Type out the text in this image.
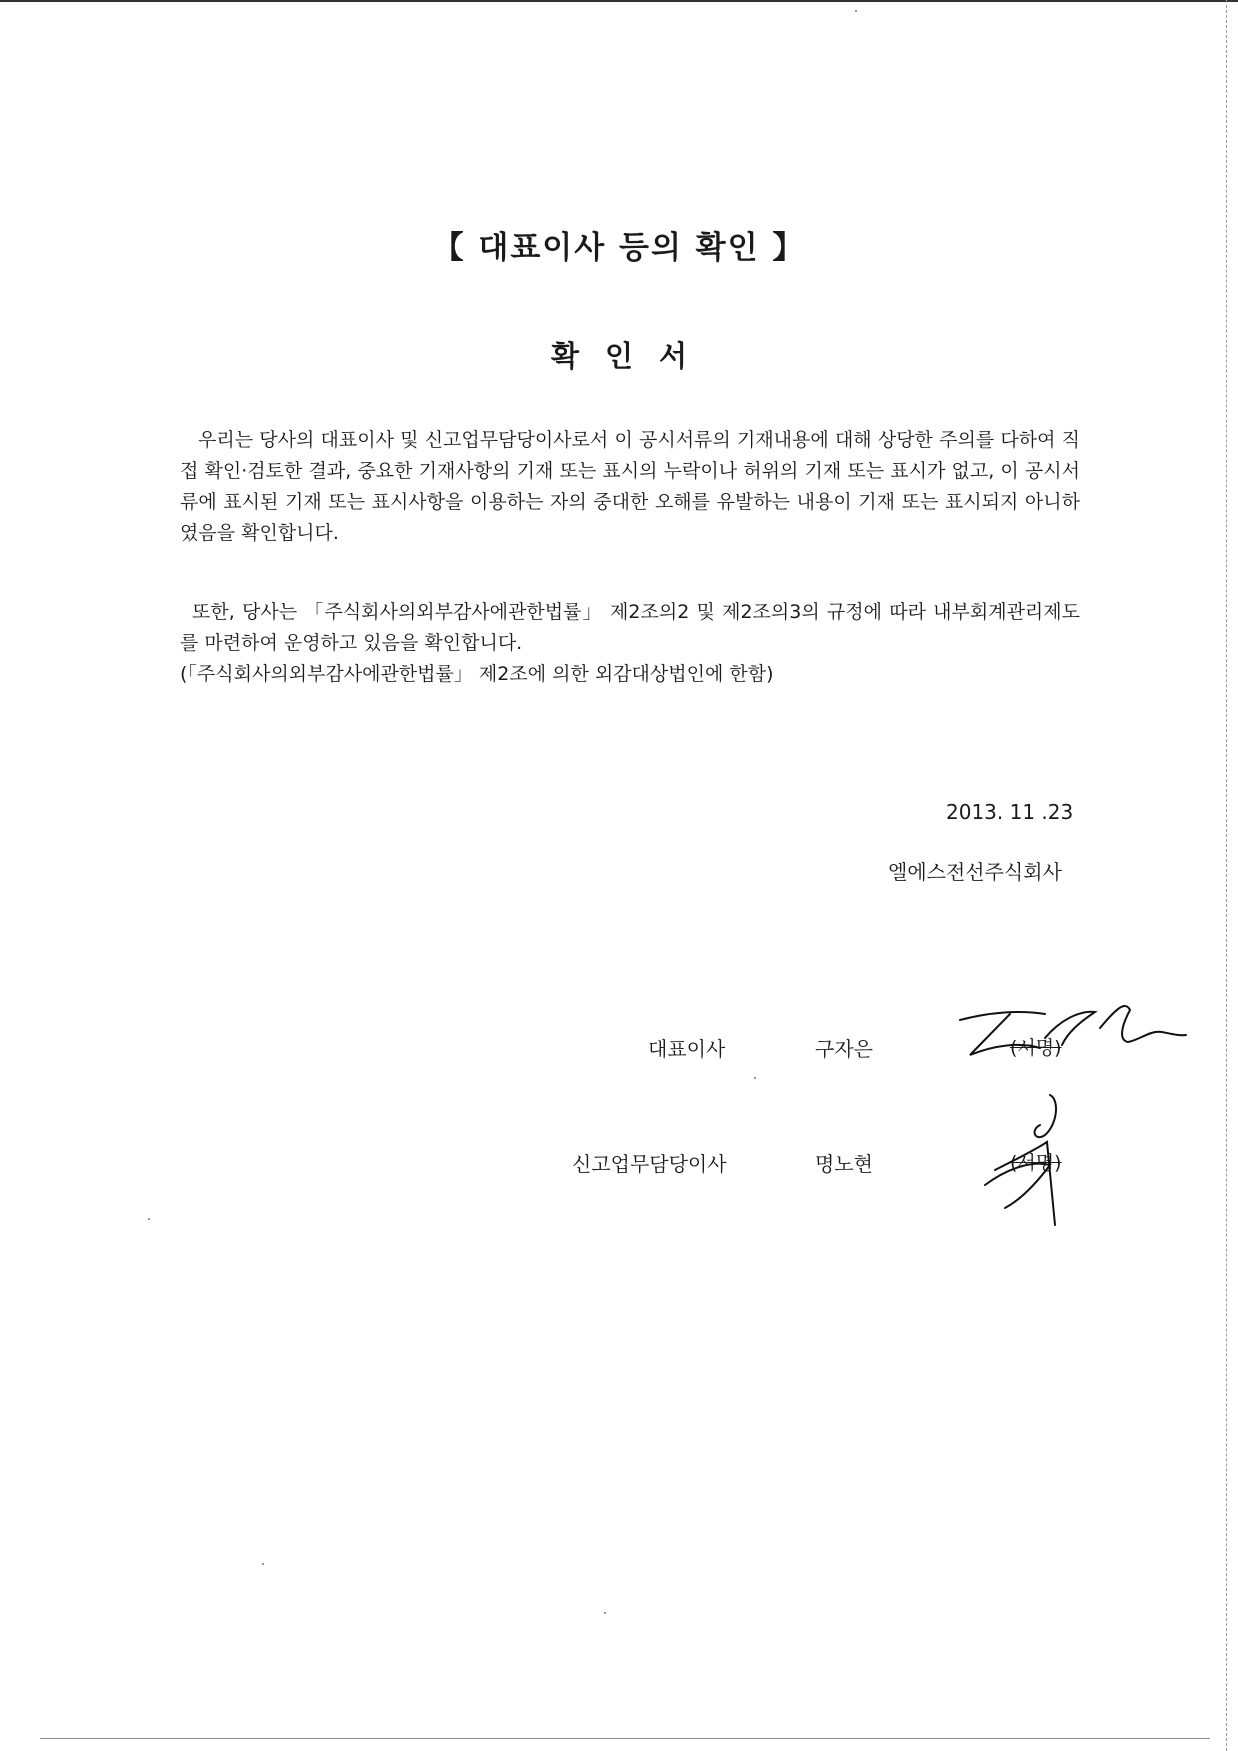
【 대표이사 등의 확인 】
확인서

우리는 당사의 대표이사 및 신고업무담당이사로서 이 공시서류의 기재내용에 대해 상당한 주의를 다하여 직접 확인·검토한 결과, 중요한 기재사항의 기재 또는 표시의 누락이나 허위의 기재 또는 표시가 없고, 이 공시서류에 표시된 기재 또는 표시사항을 이용하는 자의 중대한 오해를 유발하는 내용이 기재 또는 표시되지 아니하였음을 확인합니다.

또한, 당사는 「주식회사의외부감사에관한법률」 제2조의2 및 제2조의3의 규정에 따라 내부회계관리제도를 마련하여 운영하고 있음을 확인합니다.
(「주식회사의외부감사에관한법률」 제2조에 의한 외감대상법인에 한함)

2013. 11 .23

엘에스전선주식회사

대표이사	구자은	(서명)
신고업무담당이사	명노현	(서명)
